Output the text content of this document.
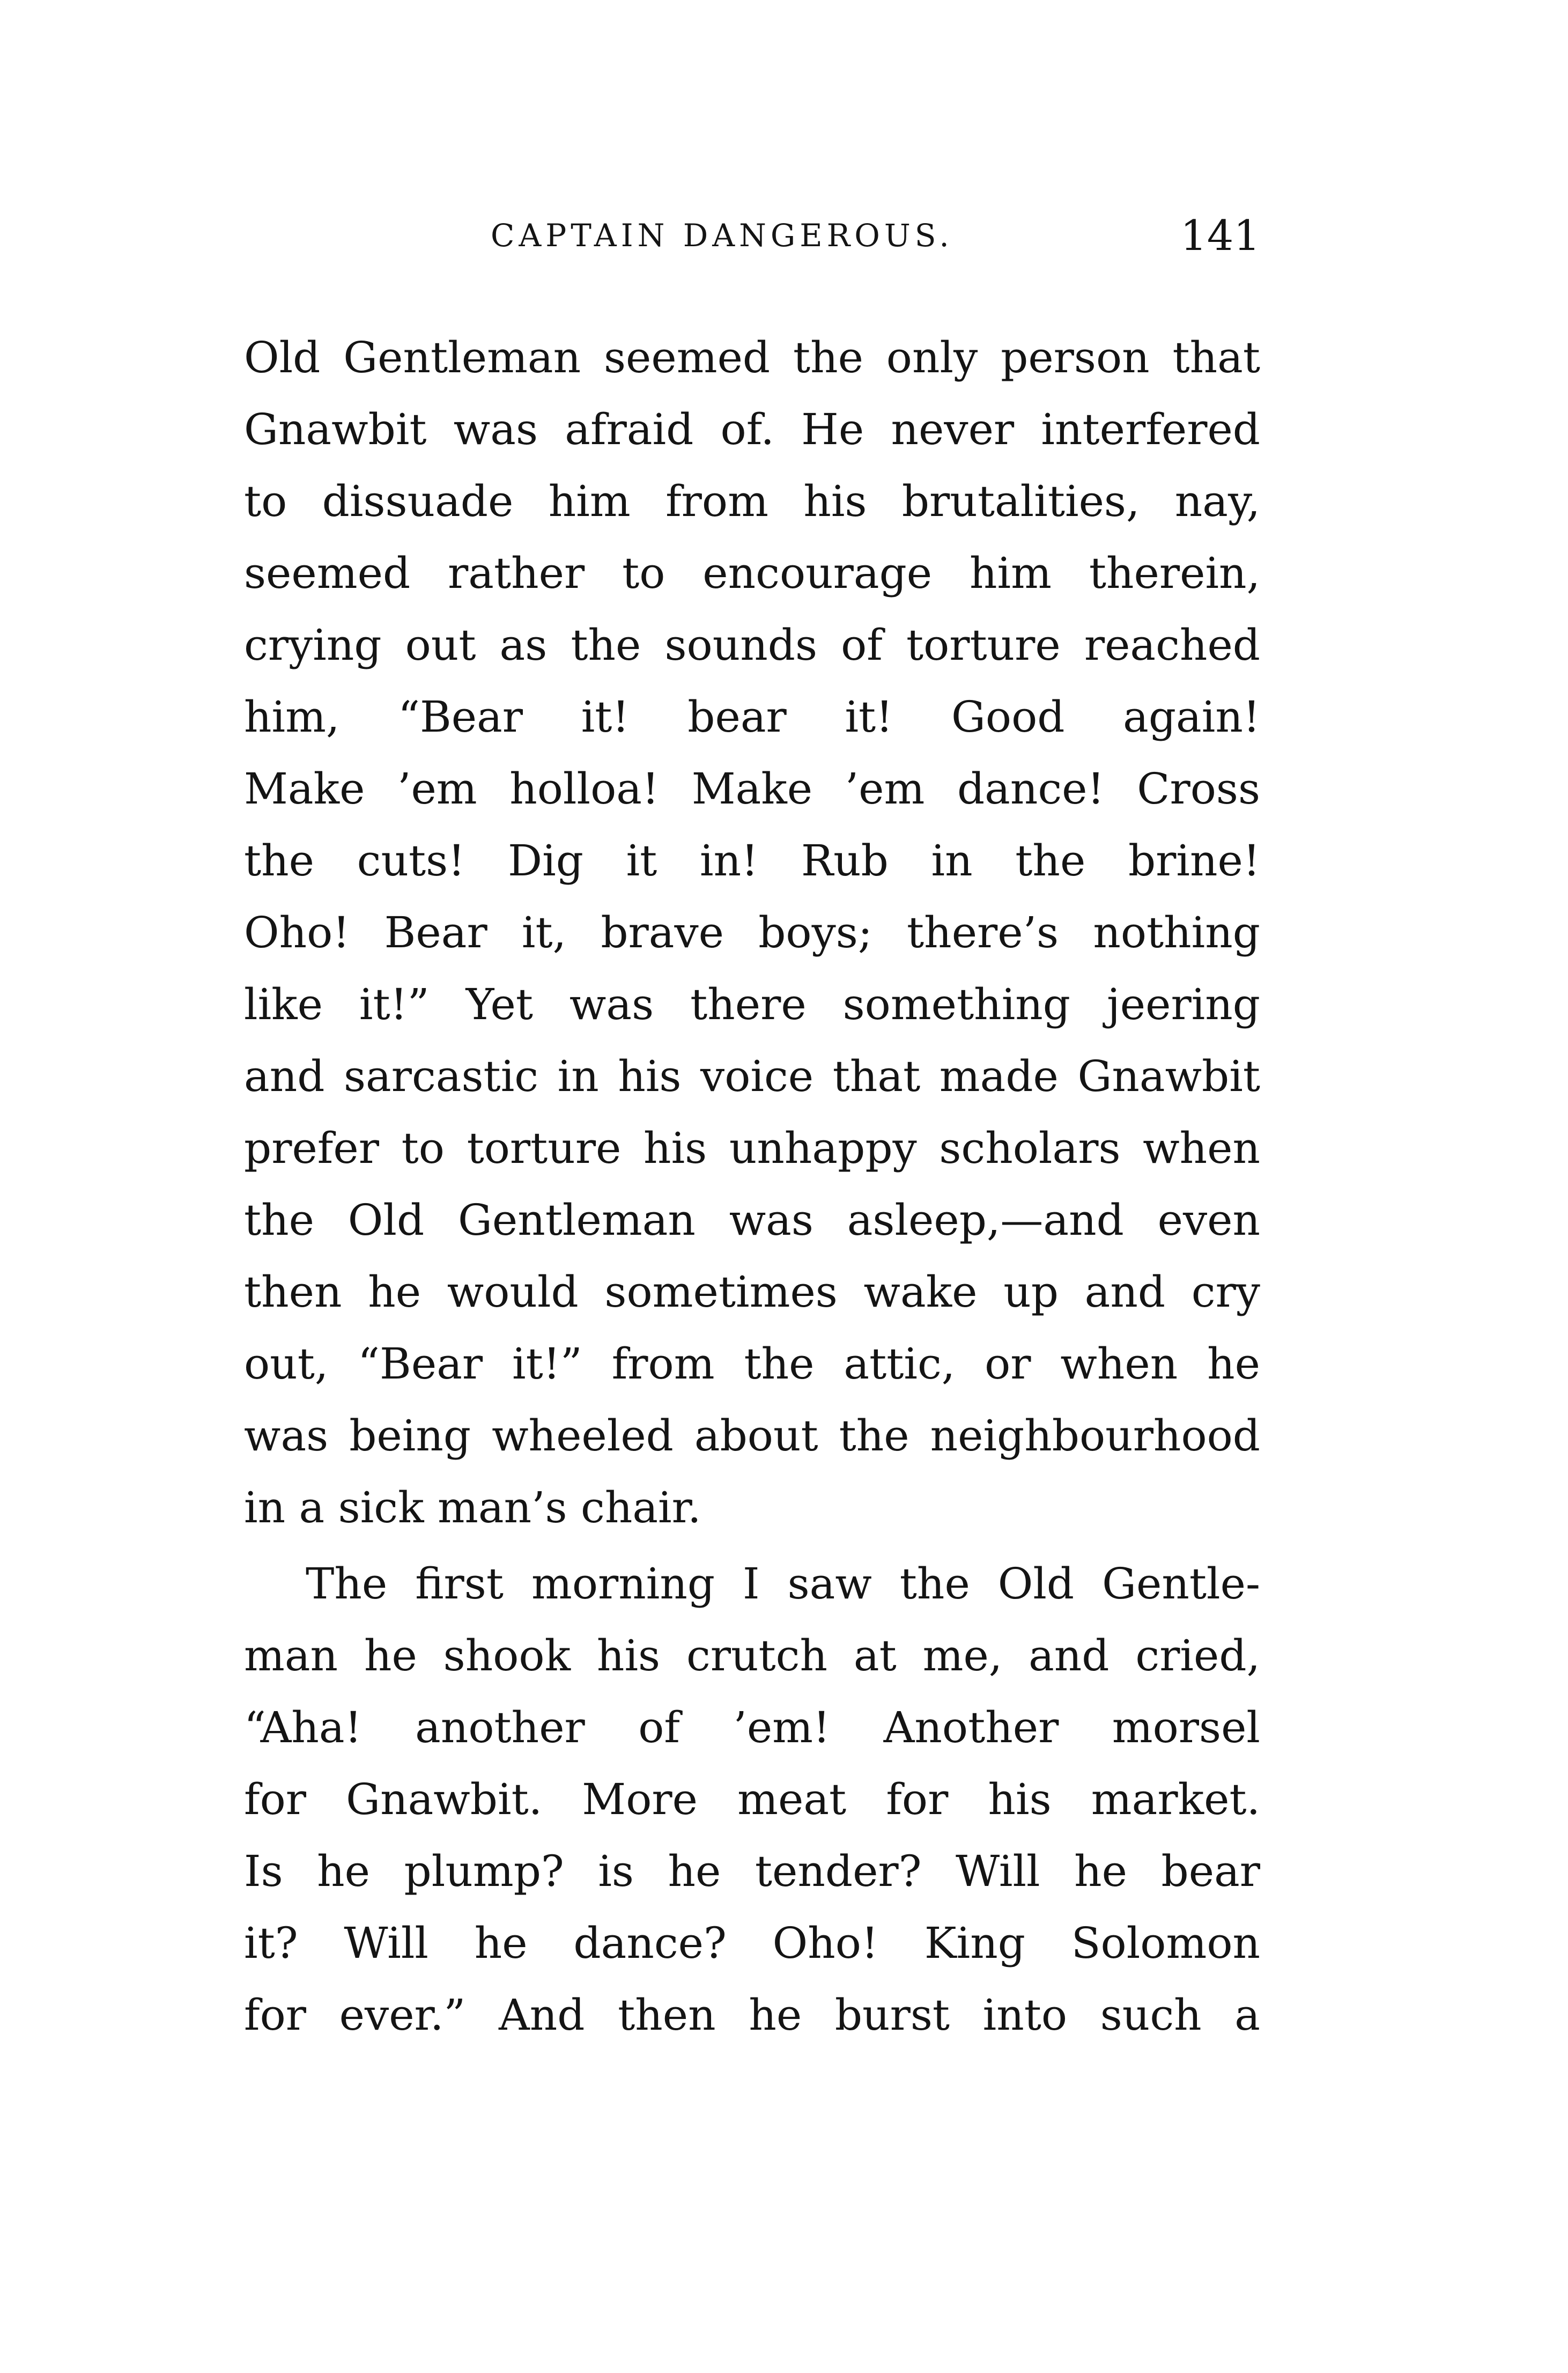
CAPTAIN DANGEROUS.	141
Old Gentleman seemed the only person that
Gnawbit was afraid of. He never interfered
to dissuade him from his brutalities, nay,
seemed rather to encourage him therein,
crying out as the sounds of torture reached
him, “Bear it! bear it! Good again!
Make ’em holloa! Make ’em dance! Cross
the cuts! Dig it in! Rub in the brine!
Oho! Bear it, brave boys; there’s nothing
like it!” Yet was there something jeering
and sarcastic in his voice that made Gnawbit
prefer to torture his unhappy scholars when
the Old Gentleman was asleep,—and even
then he would sometimes wake up and cry
out, “Bear it!” from the attic, or when he
was being wheeled about the neighbourhood
in a sick man’s chair.
The first morning I saw the Old Gentle-
man he shook his crutch at me, and cried,
“Aha! another of ’em! Another morsel
for Gnawbit. More meat for his market.
Is he plump? is he tender? Will he bear
it? Will he dance? Oho! King Solomon
for ever.” And then he burst into such a
